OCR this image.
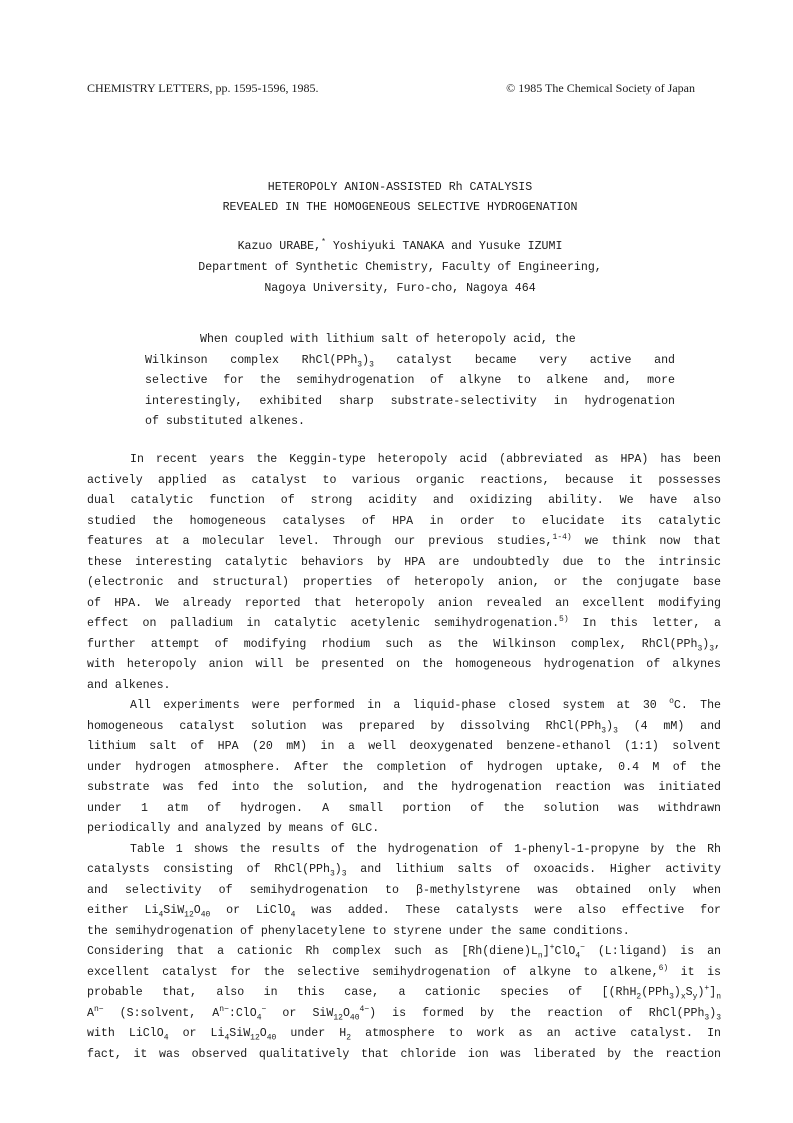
CHEMISTRY LETTERS, pp. 1595-1596, 1985.	© 1985 The Chemical Society of Japan
HETEROPOLY ANION-ASSISTED Rh CATALYSIS
REVEALED IN THE HOMOGENEOUS SELECTIVE HYDROGENATION
Kazuo URABE,* Yoshiyuki TANAKA and Yusuke IZUMI
Department of Synthetic Chemistry, Faculty of Engineering,
Nagoya University, Furo-cho, Nagoya 464
When coupled with lithium salt of heteropoly acid, the
Wilkinson complex $RhCl(PPh_3)_3$ catalyst became very active and
selective for the semihydrogenation of alkyne to alkene and, more
interestingly, exhibited sharp substrate-selectivity in hydrogenation
of substituted alkenes.
In recent years the Keggin-type heteropoly acid (abbreviated as HPA) has been
actively applied as catalyst to various organic reactions, because it possesses
dual catalytic function of strong acidity and oxidizing ability. We have also
studied the homogeneous catalyses of HPA in order to elucidate its catalytic
features at a molecular level. Through our previous studies,$^{1-4)}$ we think now that
these interesting catalytic behaviors by HPA are undoubtedly due to the intrinsic
(electronic and structural) properties of heteropoly anion, or the conjugate base
of HPA. We already reported that heteropoly anion revealed an excellent modifying
effect on palladium in catalytic acetylenic semihydrogenation.$^{5)}$ In this letter, a
further attempt of modifying rhodium such as the Wilkinson complex, $RhCl(PPh_3)_3$,
with heteropoly anion will be presented on the homogeneous hydrogenation of alkynes
and alkenes.
All experiments were performed in a liquid-phase closed system at 30 $^o$C. The
homogeneous catalyst solution was prepared by dissolving $RhCl(PPh_3)_3$ (4 mM) and
lithium salt of HPA (20 mM) in a well deoxygenated benzene-ethanol (1:1) solvent
under hydrogen atmosphere. After the completion of hydrogen uptake, 0.4 M of the
substrate was fed into the solution, and the hydrogenation reaction was initiated
under 1 atm of hydrogen. A small portion of the solution was withdrawn
periodically and analyzed by means of GLC.
Table 1 shows the results of the hydrogenation of 1-phenyl-1-propyne by the Rh
catalysts consisting of $RhCl(PPh_3)_3$ and lithium salts of oxoacids. Higher activity
and selectivity of semihydrogenation to β-methylstyrene was obtained only when
either $Li_4SiW_{12}O_{40}$ or LiClO$_4$ was added. These catalysts were also effective for
the semihydrogenation of phenylacetylene to styrene under the same conditions.
Considering that a cationic Rh complex such as $[Rh(diene)L_n]^+ClO_4^-$ (L:ligand) is an
excellent catalyst for the selective semihydrogenation of alkyne to alkene,$^{6)}$ it is
probable that, also in this case, a cationic species of $[(RhH_2(PPh_3)_xS_y)^+]_n$
$A^{n-}$ (S:solvent, $A^{n-}:ClO_4^-$ or $SiW_{12}O_{40}^{4-}$) is formed by the reaction of $RhCl(PPh_3)_3$
with LiClO$_4$ or $Li_4SiW_{12}O_{40}$ under $H_2$ atmosphere to work as an active catalyst. In
fact, it was observed qualitatively that chloride ion was liberated by the reaction
